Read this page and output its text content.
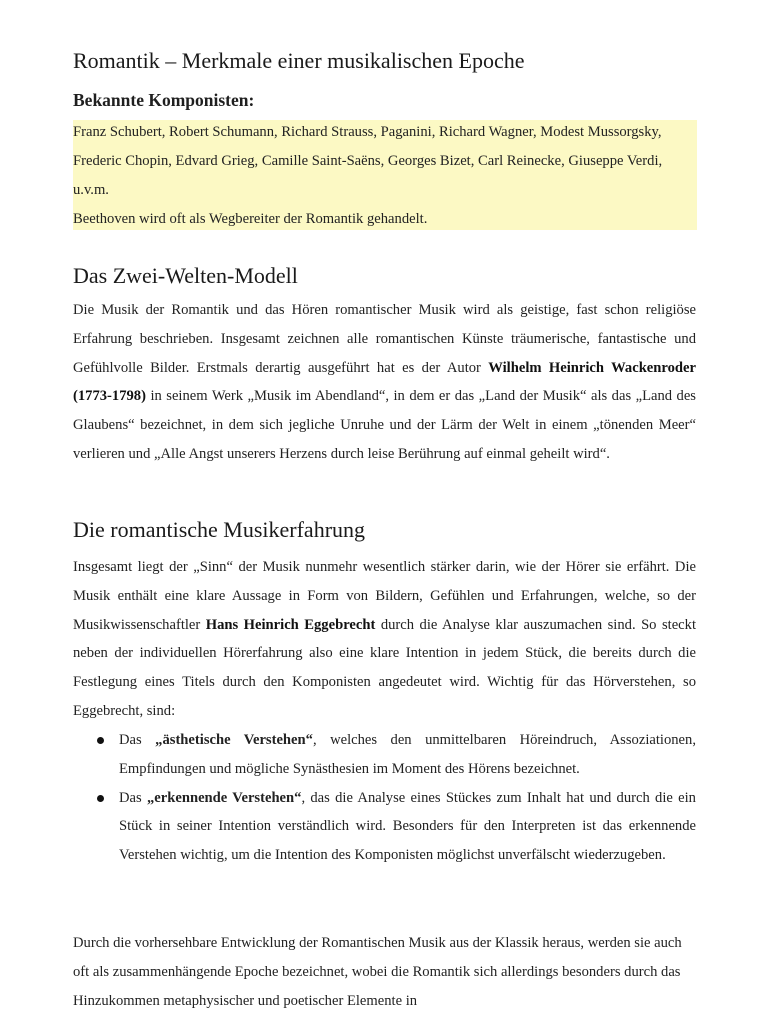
Romantik – Merkmale einer musikalischen Epoche
Bekannte Komponisten:

Franz Schubert, Robert Schumann, Richard Strauss, Paganini, Richard Wagner, Modest Mussorgsky, Frederic Chopin, Edvard Grieg, Camille Saint-Saëns, Georges Bizet, Carl Reinecke, Giuseppe Verdi, u.v.m.

Beethoven wird oft als Wegbereiter der Romantik gehandelt.

Das Zwei-Welten-Modell

Die Musik der Romantik und das Hören romantischer Musik wird als geistige, fast schon religiöse Erfahrung beschrieben. Insgesamt zeichnen alle romantischen Künste träumerische, fantastische und Gefühlvolle Bilder. Erstmals derartig ausgeführt hat es der Autor Wilhelm Heinrich Wackenroder (1773-1798) in seinem Werk „Musik im Abendland“, in dem er das „Land der Musik“ als das „Land des Glaubens“ bezeichnet, in dem sich jegliche Unruhe und der Lärm der Welt in einem „tönenden Meer“ verlieren und „Alle Angst unserers Herzens durch leise Berührung auf einmal geheilt wird“.

Die romantische Musikerfahrung

Insgesamt liegt der „Sinn“ der Musik nunmehr wesentlich stärker darin, wie der Hörer sie erfährt. Die Musik enthält eine klare Aussage in Form von Bildern, Gefühlen und Erfahrungen, welche, so der Musikwissenschaftler Hans Heinrich Eggebrecht durch die Analyse klar auszumachen sind. So steckt neben der individuellen Hörerfahrung also eine klare Intention in jedem Stück, die bereits durch die Festlegung eines Titels durch den Komponisten angedeutet wird. Wichtig für das Hörverstehen, so Eggebrecht, sind:

Das „ästhetische Verstehen“, welches den unmittelbaren Höreindruch, Assoziationen, Empfindungen und mögliche Synästhesien im Moment des Hörens bezeichnet.
Das „erkennende Verstehen“, das die Analyse eines Stückes zum Inhalt hat und durch die ein Stück in seiner Intention verständlich wird. Besonders für den Interpreten ist das erkennende Verstehen wichtig, um die Intention des Komponisten möglichst unverfälscht wiederzugeben.

Durch die vorhersehbare Entwicklung der Romantischen Musik aus der Klassik heraus, werden sie auch oft als zusammenhängende Epoche bezeichnet, wobei die Romantik sich allerdings besonders durch das Hinzukommen metaphysischer und poetischer Elemente in
